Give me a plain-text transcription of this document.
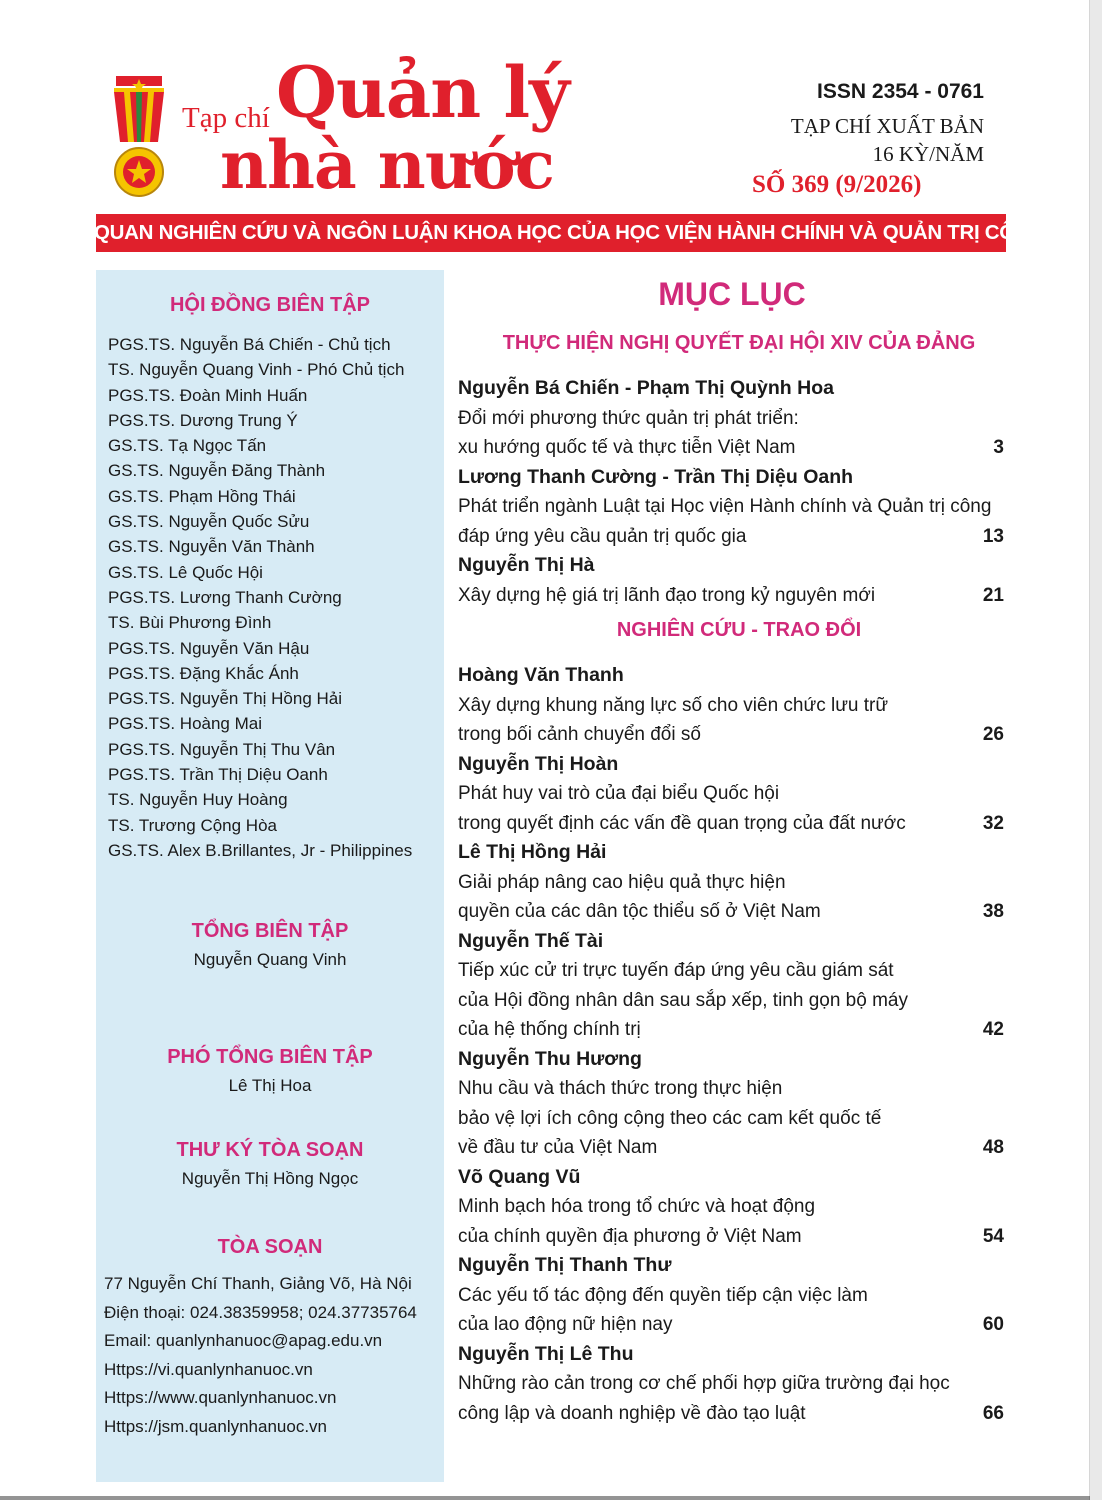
Tạp chí Quản lý
nhà nước
ISSN 2354 - 0761
TẠP CHÍ XUẤT BẢN
16 KỲ/NĂM
SỐ 369 (9/2026)
CƠ QUAN NGHIÊN CỨU VÀ NGÔN LUẬN KHOA HỌC CỦA HỌC VIỆN HÀNH CHÍNH VÀ QUẢN TRỊ CÔNG
HỘI ĐỒNG BIÊN TẬP
PGS.TS. Nguyễn Bá Chiến - Chủ tịch
TS. Nguyễn Quang Vinh - Phó Chủ tịch
PGS.TS. Đoàn Minh Huấn
PGS.TS. Dương Trung Ý
GS.TS. Tạ Ngọc Tấn
GS.TS. Nguyễn Đăng Thành
GS.TS. Phạm Hồng Thái
GS.TS. Nguyễn Quốc Sửu
GS.TS. Nguyễn Văn Thành
GS.TS. Lê Quốc Hội
PGS.TS. Lương Thanh Cường
TS. Bùi Phương Đình
PGS.TS. Nguyễn Văn Hậu
PGS.TS. Đặng Khắc Ánh
PGS.TS. Nguyễn Thị Hồng Hải
PGS.TS. Hoàng Mai
PGS.TS. Nguyễn Thị Thu Vân
PGS.TS. Trần Thị Diệu Oanh
TS. Nguyễn Huy Hoàng
TS. Trương Cộng Hòa
GS.TS. Alex B.Brillantes, Jr - Philippines
TỔNG BIÊN TẬP
Nguyễn Quang Vinh
PHÓ TỔNG BIÊN TẬP
Lê Thị Hoa
THƯ KÝ TÒA SOẠN
Nguyễn Thị Hồng Ngọc
TÒA SOẠN
77 Nguyễn Chí Thanh, Giảng Võ, Hà Nội
Điện thoại: 024.38359958; 024.37735764
Email: quanlynhanuoc@apag.edu.vn
Https://vi.quanlynhanuoc.vn
Https://www.quanlynhanuoc.vn
Https://jsm.quanlynhanuoc.vn
MỤC LỤC
THỰC HIỆN NGHỊ QUYẾT ĐẠI HỘI XIV CỦA ĐẢNG
Nguyễn Bá Chiến - Phạm Thị Quỳnh Hoa
Đổi mới phương thức quản trị phát triển:
xu hướng quốc tế và thực tiễn Việt Nam	3
Lương Thanh Cường - Trần Thị Diệu Oanh
Phát triển ngành Luật tại Học viện Hành chính và Quản trị công
đáp ứng yêu cầu quản trị quốc gia	13
Nguyễn Thị Hà
Xây dựng hệ giá trị lãnh đạo trong kỷ nguyên mới	21
NGHIÊN CỨU - TRAO ĐỔI
Hoàng Văn Thanh
Xây dựng khung năng lực số cho viên chức lưu trữ
trong bối cảnh chuyển đổi số	26
Nguyễn Thị Hoàn
Phát huy vai trò của đại biểu Quốc hội
trong quyết định các vấn đề quan trọng của đất nước	32
Lê Thị Hồng Hải
Giải pháp nâng cao hiệu quả thực hiện
quyền của các dân tộc thiểu số ở Việt Nam	38
Nguyễn Thế Tài
Tiếp xúc cử tri trực tuyến đáp ứng yêu cầu giám sát
của Hội đồng nhân dân sau sắp xếp, tinh gọn bộ máy
của hệ thống chính trị	42
Nguyễn Thu Hương
Nhu cầu và thách thức trong thực hiện
bảo vệ lợi ích công cộng theo các cam kết quốc tế
về đầu tư của Việt Nam	48
Võ Quang Vũ
Minh bạch hóa trong tổ chức và hoạt động
của chính quyền địa phương ở Việt Nam	54
Nguyễn Thị Thanh Thư
Các yếu tố tác động đến quyền tiếp cận việc làm
của lao động nữ hiện nay	60
Nguyễn Thị Lê Thu
Những rào cản trong cơ chế phối hợp giữa trường đại học
công lập và doanh nghiệp về đào tạo luật	66
